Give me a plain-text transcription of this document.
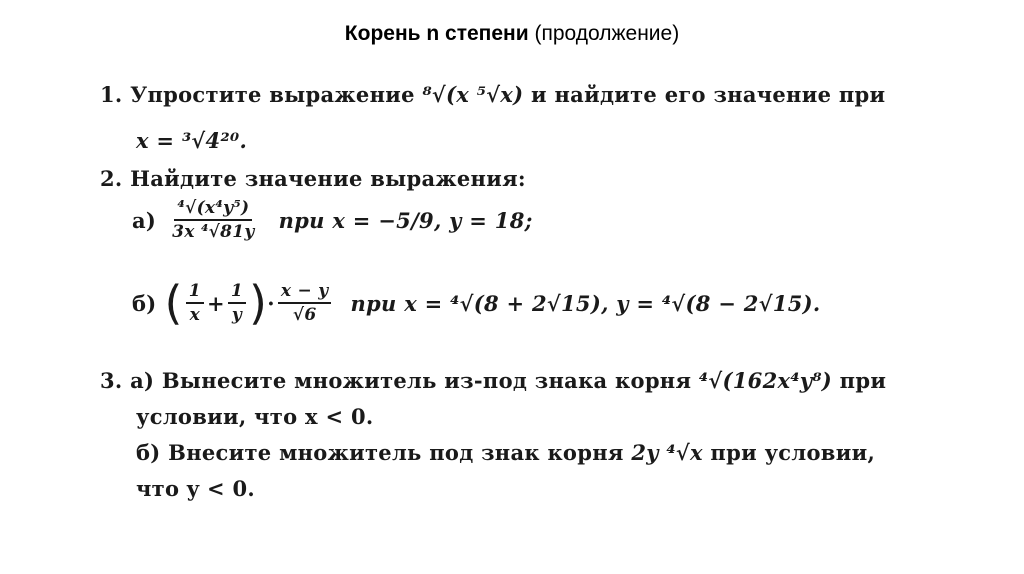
Корень n степени (продолжение)
1. Упростите выражение ⁸√(x ⁵√x) и найдите его значение при
x = ³√4²⁰.
2. Найдите значение выражения:
$а) \frac{\text{⁴√(x⁴y⁵)}}{\text{3x ⁴√81y}}$ при x = −5/9, y = 18;
б) ( $\frac{1}{x} + \frac{1}{y}$ ) · $\frac{x - y}{√6}$ при x = ⁴√(8 + 2√15), y = ⁴√(8 − 2√15).
3. а) Вынесите множитель из-под знака корня ⁴√(162x⁴y⁸) при
условии, что x < 0.
б) Внесите множитель под знак корня 2y ⁴√x при условии,
что y < 0.
